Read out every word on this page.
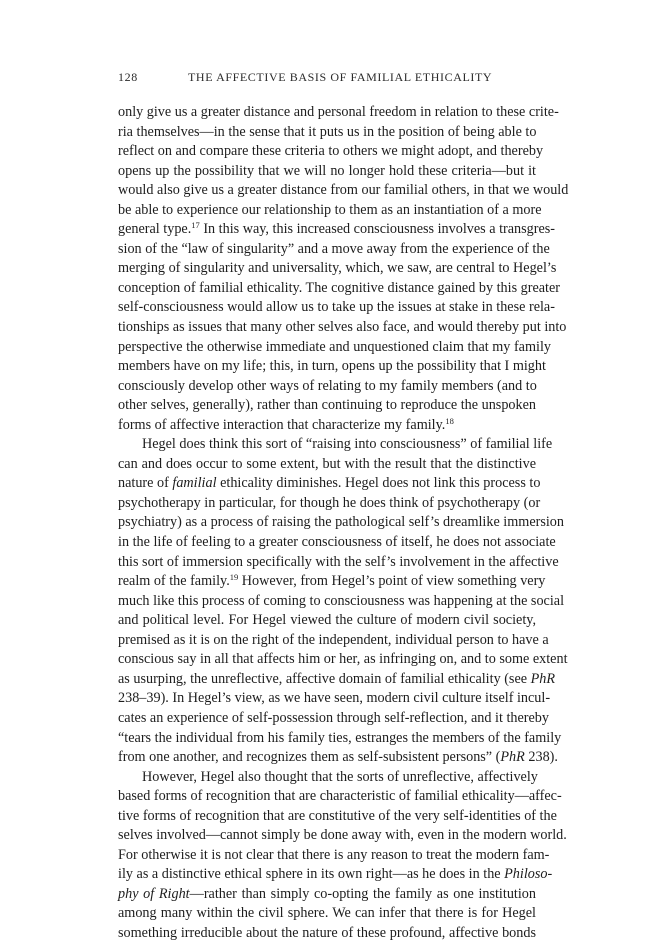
128	THE AFFECTIVE BASIS OF FAMILIAL ETHICALITY
only give us a greater distance and personal freedom in relation to these crite-
ria themselves—in the sense that it puts us in the position of being able to
reflect on and compare these criteria to others we might adopt, and thereby
opens up the possibility that we will no longer hold these criteria—but it
would also give us a greater distance from our familial others, in that we would
be able to experience our relationship to them as an instantiation of a more
general type.$^{17}$ In this way, this increased consciousness involves a transgres-
sion of the “law of singularity” and a move away from the experience of the
merging of singularity and universality, which, we saw, are central to Hegel’s
conception of familial ethicality. The cognitive distance gained by this greater
self-consciousness would allow us to take up the issues at stake in these rela-
tionships as issues that many other selves also face, and would thereby put into
perspective the otherwise immediate and unquestioned claim that my family
members have on my life; this, in turn, opens up the possibility that I might
consciously develop other ways of relating to my family members (and to
other selves, generally), rather than continuing to reproduce the unspoken
forms of affective interaction that characterize my family.$^{18}$
Hegel does think this sort of “raising into consciousness” of familial life
can and does occur to some extent, but with the result that the distinctive
nature of familial ethicality diminishes. Hegel does not link this process to
psychotherapy in particular, for though he does think of psychotherapy (or
psychiatry) as a process of raising the pathological self’s dreamlike immersion
in the life of feeling to a greater consciousness of itself, he does not associate
this sort of immersion specifically with the self’s involvement in the affective
realm of the family.$^{19}$ However, from Hegel’s point of view something very
much like this process of coming to consciousness was happening at the social
and political level. For Hegel viewed the culture of modern civil society,
premised as it is on the right of the independent, individual person to have a
conscious say in all that affects him or her, as infringing on, and to some extent
as usurping, the unreflective, affective domain of familial ethicality (see PhR
238–39). In Hegel’s view, as we have seen, modern civil culture itself incul-
cates an experience of self-possession through self-reflection, and it thereby
“tears the individual from his family ties, estranges the members of the family
from one another, and recognizes them as self-subsistent persons” (PhR 238).
However, Hegel also thought that the sorts of unreflective, affectively
based forms of recognition that are characteristic of familial ethicality—affec-
tive forms of recognition that are constitutive of the very self-identities of the
selves involved—cannot simply be done away with, even in the modern world.
For otherwise it is not clear that there is any reason to treat the modern fam-
ily as a distinctive ethical sphere in its own right—as he does in the Philoso-
phy of Right—rather than simply co-opting the family as one institution
among many within the civil sphere. We can infer that there is for Hegel
something irreducible about the nature of these profound, affective bonds
